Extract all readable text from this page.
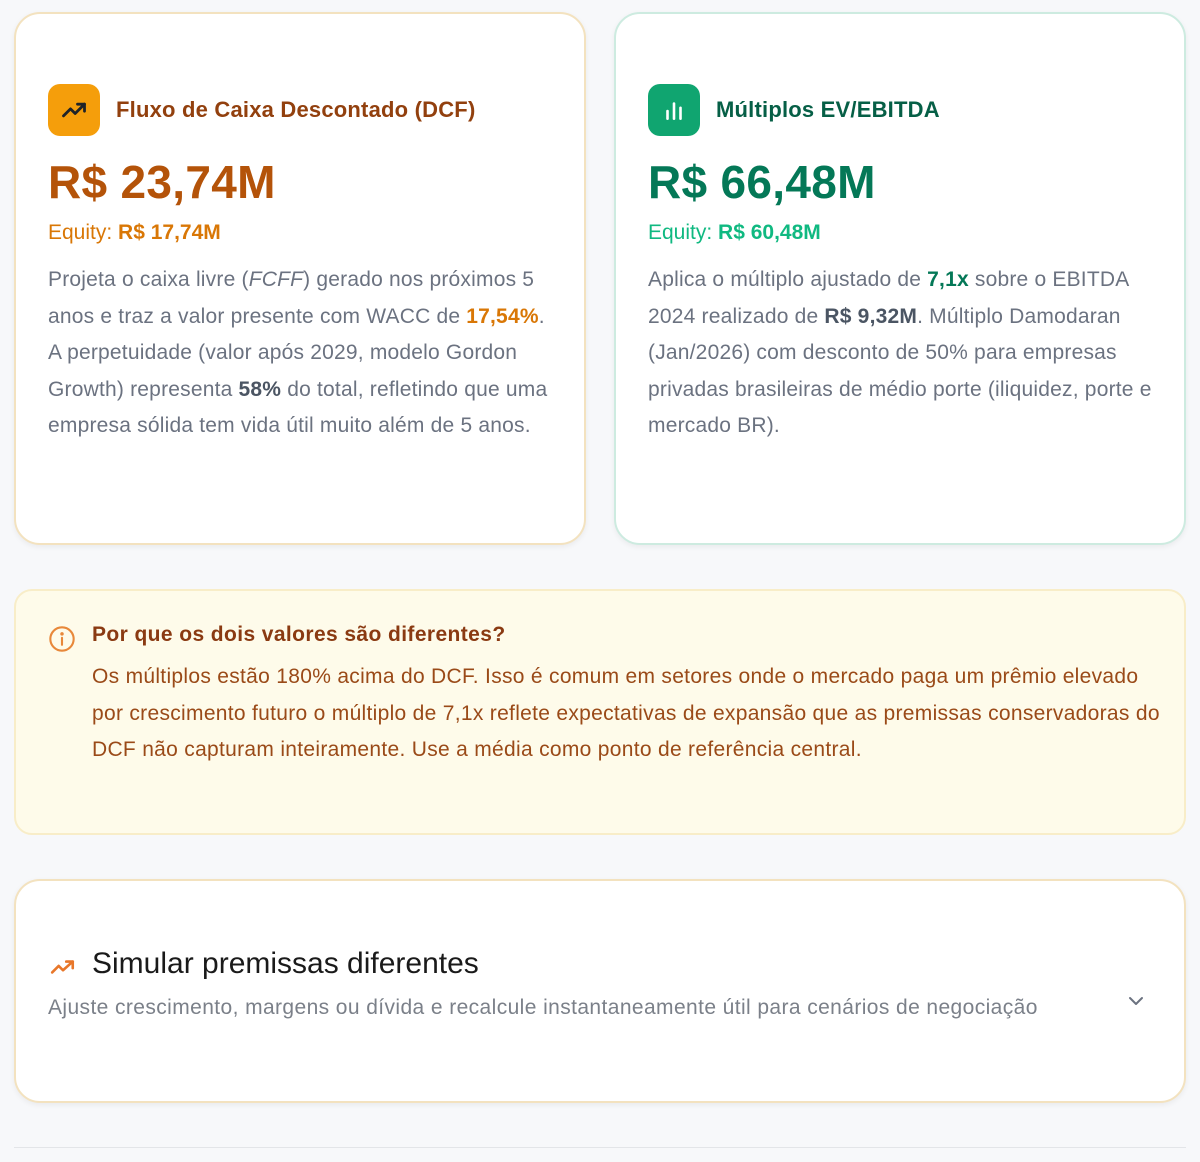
Fluxo de Caixa Descontado (DCF)
R$ 23,74M
Equity: R$ 17,74M
Projeta o caixa livre (FCFF) gerado nos próximos 5 anos e traz a valor presente com WACC de 17,54%. A perpetuidade (valor após 2029, modelo Gordon Growth) representa 58% do total, refletindo que uma empresa sólida tem vida útil muito além de 5 anos.
Múltiplos EV/EBITDA
R$ 66,48M
Equity: R$ 60,48M
Aplica o múltiplo ajustado de 7,1x sobre o EBITDA 2024 realizado de R$ 9,32M. Múltiplo Damodaran (Jan/2026) com desconto de 50% para empresas privadas brasileiras de médio porte (iliquidez, porte e mercado BR).
Por que os dois valores são diferentes?
Os múltiplos estão 180% acima do DCF. Isso é comum em setores onde o mercado paga um prêmio elevado por crescimento futuro o múltiplo de 7,1x reflete expectativas de expansão que as premissas conservadoras do DCF não capturam inteiramente. Use a média como ponto de referência central.
Simular premissas diferentes
Ajuste crescimento, margens ou dívida e recalcule instantaneamente útil para cenários de negociação
